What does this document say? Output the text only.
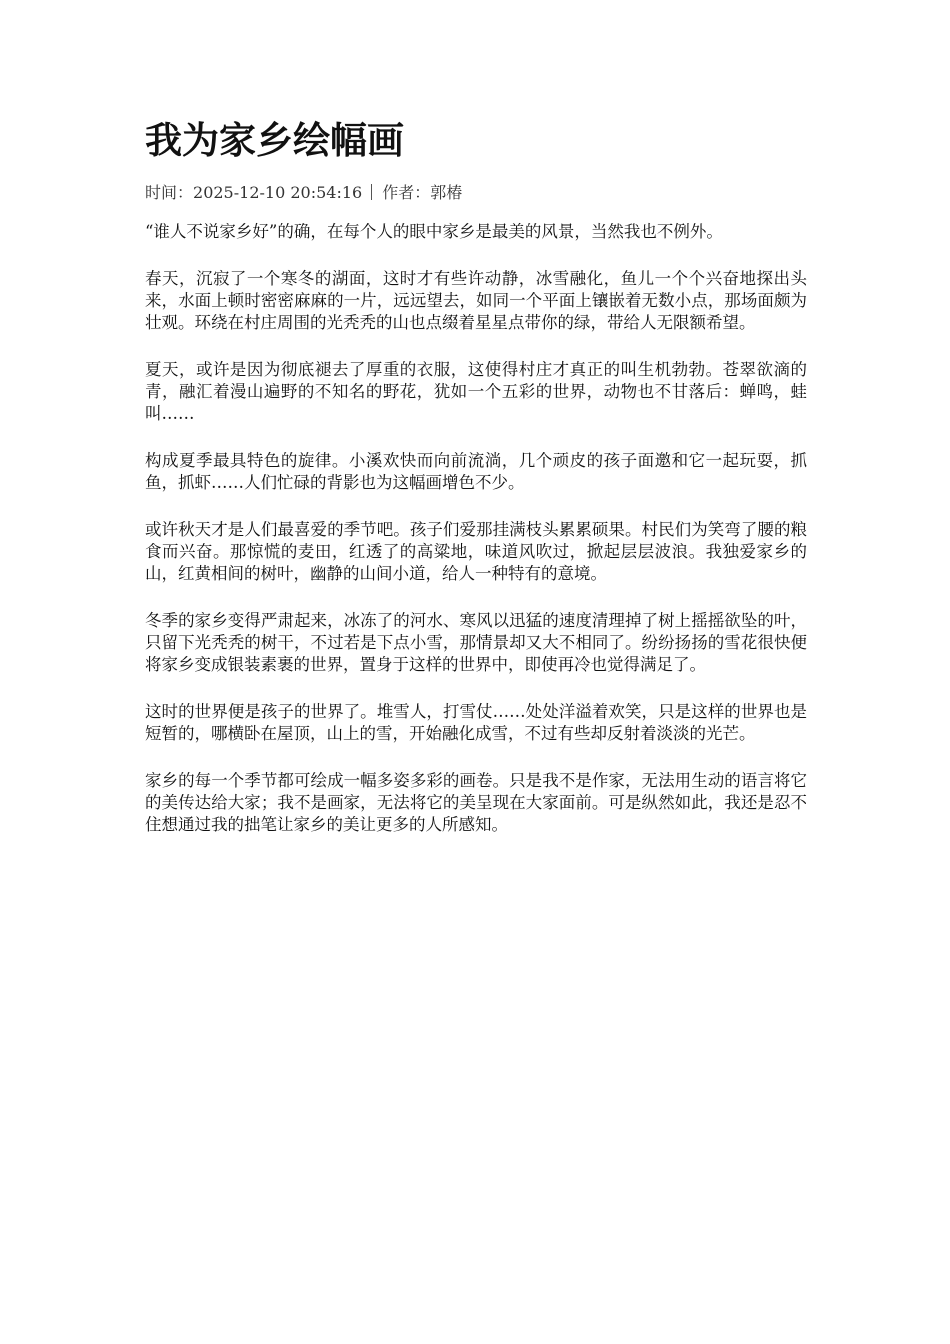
我为家乡绘幅画
时间：2025-12-10 20:54:16 作者：郭椿

“谁人不说家乡好”的确，在每个人的眼中家乡是最美的风景，当然我也不例外。

春天，沉寂了一个寒冬的湖面，这时才有些许动静，冰雪融化，鱼儿一个个兴奋地探出头来，水面上顿时密密麻麻的一片，远远望去，如同一个平面上镶嵌着无数小点，那场面颇为壮观。环绕在村庄周围的光秃秃的山也点缀着星星点带你的绿，带给人无限额希望。

夏天，或许是因为彻底褪去了厚重的衣服，这使得村庄才真正的叫生机勃勃。苍翠欲滴的青，融汇着漫山遍野的不知名的野花，犹如一个五彩的世界，动物也不甘落后：蝉鸣，蛙叫……

构成夏季最具特色的旋律。小溪欢快而向前流淌，几个顽皮的孩子面邀和它一起玩耍，抓鱼，抓虾……人们忙碌的背影也为这幅画增色不少。

或许秋天才是人们最喜爱的季节吧。孩子们爱那挂满枝头累累硕果。村民们为笑弯了腰的粮食而兴奋。那惊慌的麦田，红透了的高粱地，味道风吹过，掀起层层波浪。我独爱家乡的山，红黄相间的树叶，幽静的山间小道，给人一种特有的意境。

冬季的家乡变得严肃起来，冰冻了的河水、寒风以迅猛的速度清理掉了树上摇摇欲坠的叶，只留下光秃秃的树干，不过若是下点小雪，那情景却又大不相同了。纷纷扬扬的雪花很快便将家乡变成银装素裹的世界，置身于这样的世界中，即使再冷也觉得满足了。

这时的世界便是孩子的世界了。堆雪人，打雪仗……处处洋溢着欢笑，只是这样的世界也是短暂的，哪横卧在屋顶，山上的雪，开始融化成雪，不过有些却反射着淡淡的光芒。

家乡的每一个季节都可绘成一幅多姿多彩的画卷。只是我不是作家，无法用生动的语言将它的美传达给大家；我不是画家，无法将它的美呈现在大家面前。可是纵然如此，我还是忍不住想通过我的拙笔让家乡的美让更多的人所感知。
